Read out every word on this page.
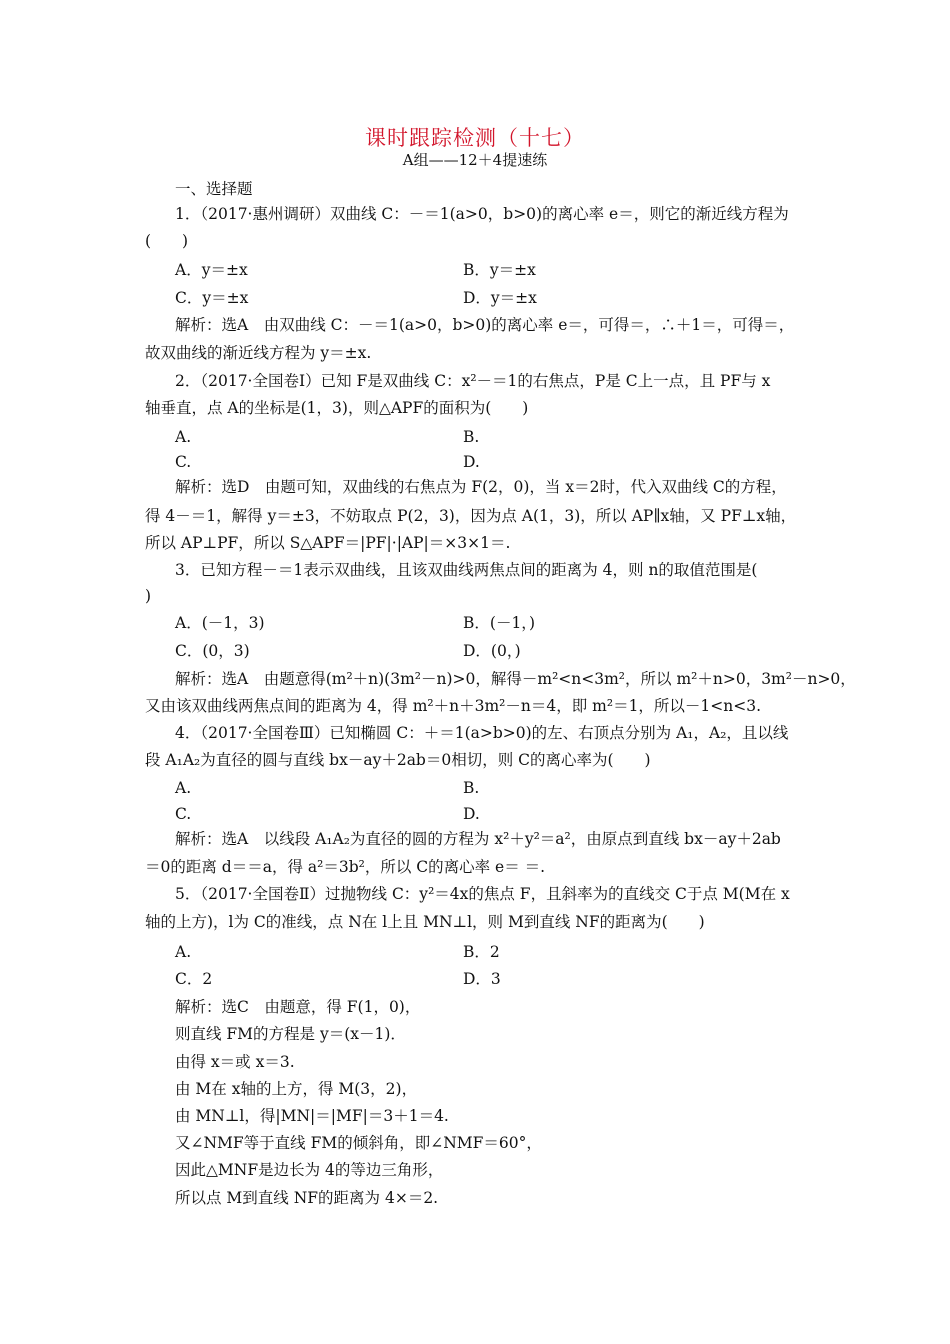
课时跟踪检测（十七）
A组——12＋4提速练
一、选择题
1．（2017·惠州调研）双曲线 C：－＝1(a>0，b>0)的离心率 e＝，则它的渐近线方程为
(　　)
A．y＝±x	B．y＝±x
C．y＝±x	D．y＝±x
解析：选A　由双曲线 C：－＝1(a>0，b>0)的离心率 e＝，可得＝，∴＋1＝，可得＝，
故双曲线的渐近线方程为 y＝±x.
2．（2017·全国卷Ⅰ）已知 F是双曲线 C：x²－＝1的右焦点，P是 C上一点，且 PF与 x
轴垂直，点 A的坐标是(1，3)，则△APF的面积为(　　)
A.	B.
C.	D.
解析：选D　由题可知，双曲线的右焦点为 F(2，0)，当 x＝2时，代入双曲线 C的方程，
得 4－＝1，解得 y＝±3，不妨取点 P(2，3)，因为点 A(1，3)，所以 AP∥x轴，又 PF⊥x轴，
所以 AP⊥PF，所以 S△APF＝|PF|·|AP|＝×3×1＝.
3．已知方程－＝1表示双曲线，且该双曲线两焦点间的距离为 4，则 n的取值范围是(
)
A．(－1，3)	B．(－1，)
C．(0，3)	D．(0，)
解析：选A　由题意得(m²＋n)(3m²－n)>0，解得－m²<n<3m²，所以 m²＋n>0，3m²－n>0，
又由该双曲线两焦点间的距离为 4，得 m²＋n＋3m²－n＝4，即 m²＝1，所以－1<n<3.
4．（2017·全国卷Ⅲ）已知椭圆 C：＋＝1(a>b>0)的左、右顶点分别为 A₁，A₂，且以线
段 A₁A₂为直径的圆与直线 bx－ay＋2ab＝0相切，则 C的离心率为(　　)
A.	B.
C.	D.
解析：选A　以线段 A₁A₂为直径的圆的方程为 x²＋y²＝a²，由原点到直线 bx－ay＋2ab
＝0的距离 d＝＝a，得 a²＝3b²，所以 C的离心率 e＝ ＝.
5．（2017·全国卷Ⅱ）过抛物线 C：y²＝4x的焦点 F，且斜率为的直线交 C于点 M(M在 x
轴的上方)，l为 C的准线，点 N在 l上且 MN⊥l，则 M到直线 NF的距离为(　　)
A.	B．2
C．2	D．3
解析：选C　由题意，得 F(1，0)，
则直线 FM的方程是 y＝(x－1)．
由得 x＝或 x＝3.
由 M在 x轴的上方，得 M(3，2)，
由 MN⊥l，得|MN|＝|MF|＝3＋1＝4.
又∠NMF等于直线 FM的倾斜角，即∠NMF＝60°，
因此△MNF是边长为 4的等边三角形，
所以点 M到直线 NF的距离为 4×＝2.
